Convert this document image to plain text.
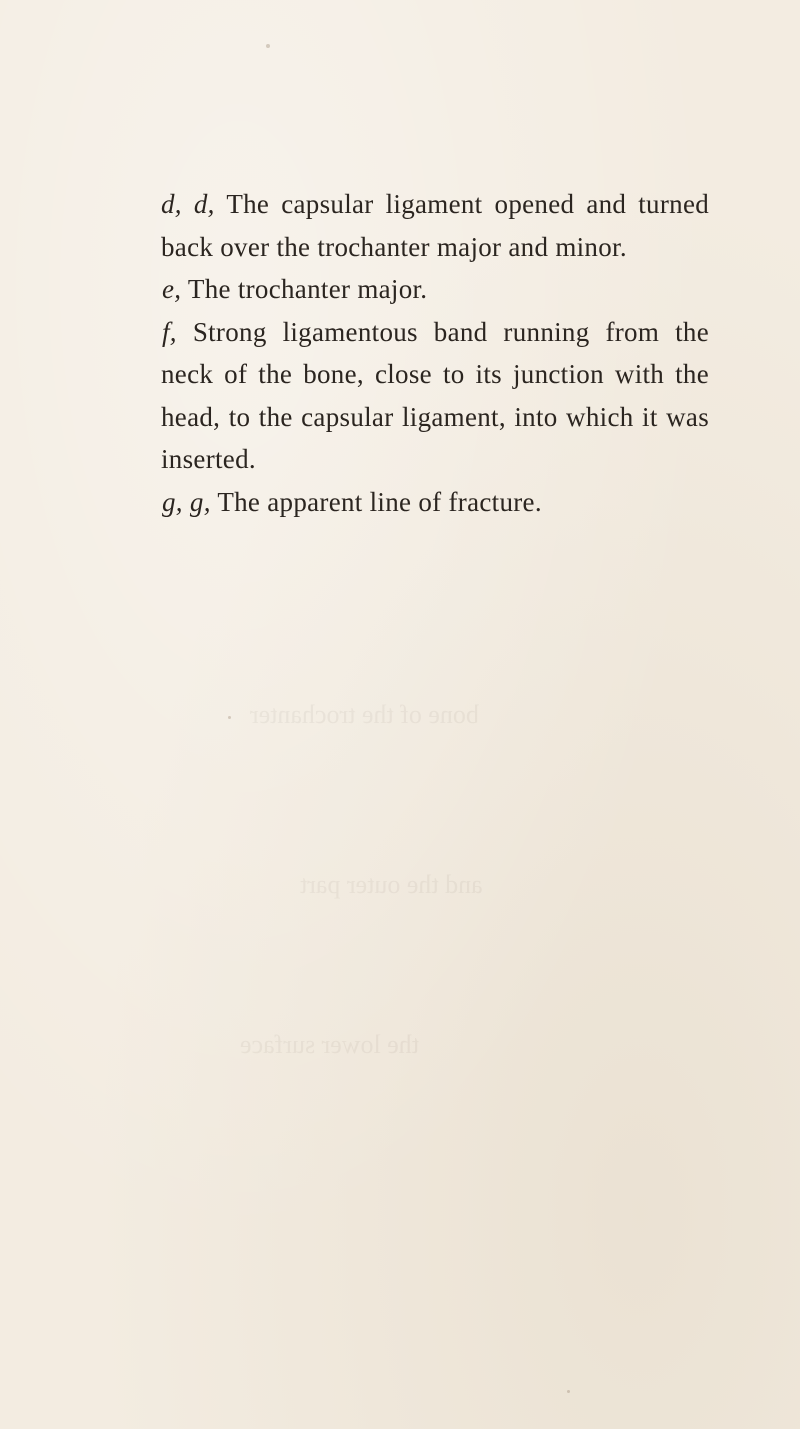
bone of the trochanter
and the outer part
the lower surface

d, d, The capsular ligament opened and turned back over the trochanter major and minor.

e, The trochanter major.

f, Strong ligamentous band running from the neck of the bone, close to its junction with the head, to the capsular ligament, into which it was inserted.

g, g, The apparent line of fracture.
